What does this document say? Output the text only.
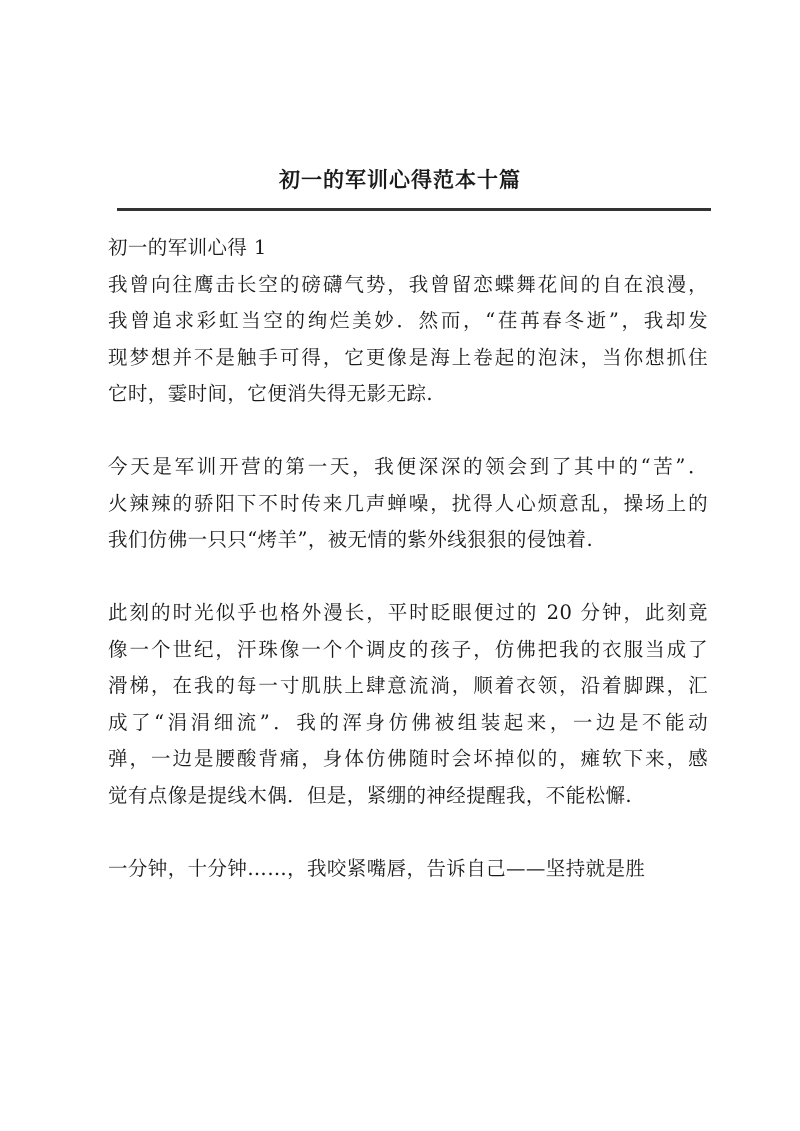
初一的军训心得范本十篇

初一的军训心得 1

我曾向往鹰击长空的磅礴气势，我曾留恋蝶舞花间的自在浪漫，
我曾追求彩虹当空的绚烂美妙．然而，“荏苒春冬逝”，我却发
现梦想并不是触手可得，它更像是海上卷起的泡沫，当你想抓住
它时，霎时间，它便消失得无影无踪.

今天是军训开营的第一天，我便深深的领会到了其中的“苦”．
火辣辣的骄阳下不时传来几声蝉噪，扰得人心烦意乱，操场上的
我们仿佛一只只“烤羊”，被无情的紫外线狠狠的侵蚀着.

此刻的时光似乎也格外漫长，平时眨眼便过的 20 分钟，此刻竟
像一个世纪，汗珠像一个个调皮的孩子，仿佛把我的衣服当成了
滑梯，在我的每一寸肌肤上肆意流淌，顺着衣领，沿着脚踝，汇
成了“涓涓细流”．我的浑身仿佛被组装起来，一边是不能动
弹，一边是腰酸背痛，身体仿佛随时会坏掉似的，瘫软下来，感
觉有点像是提线木偶．但是，紧绷的神经提醒我，不能松懈.

一分钟，十分钟……，我咬紧嘴唇，告诉自己——坚持就是胜
